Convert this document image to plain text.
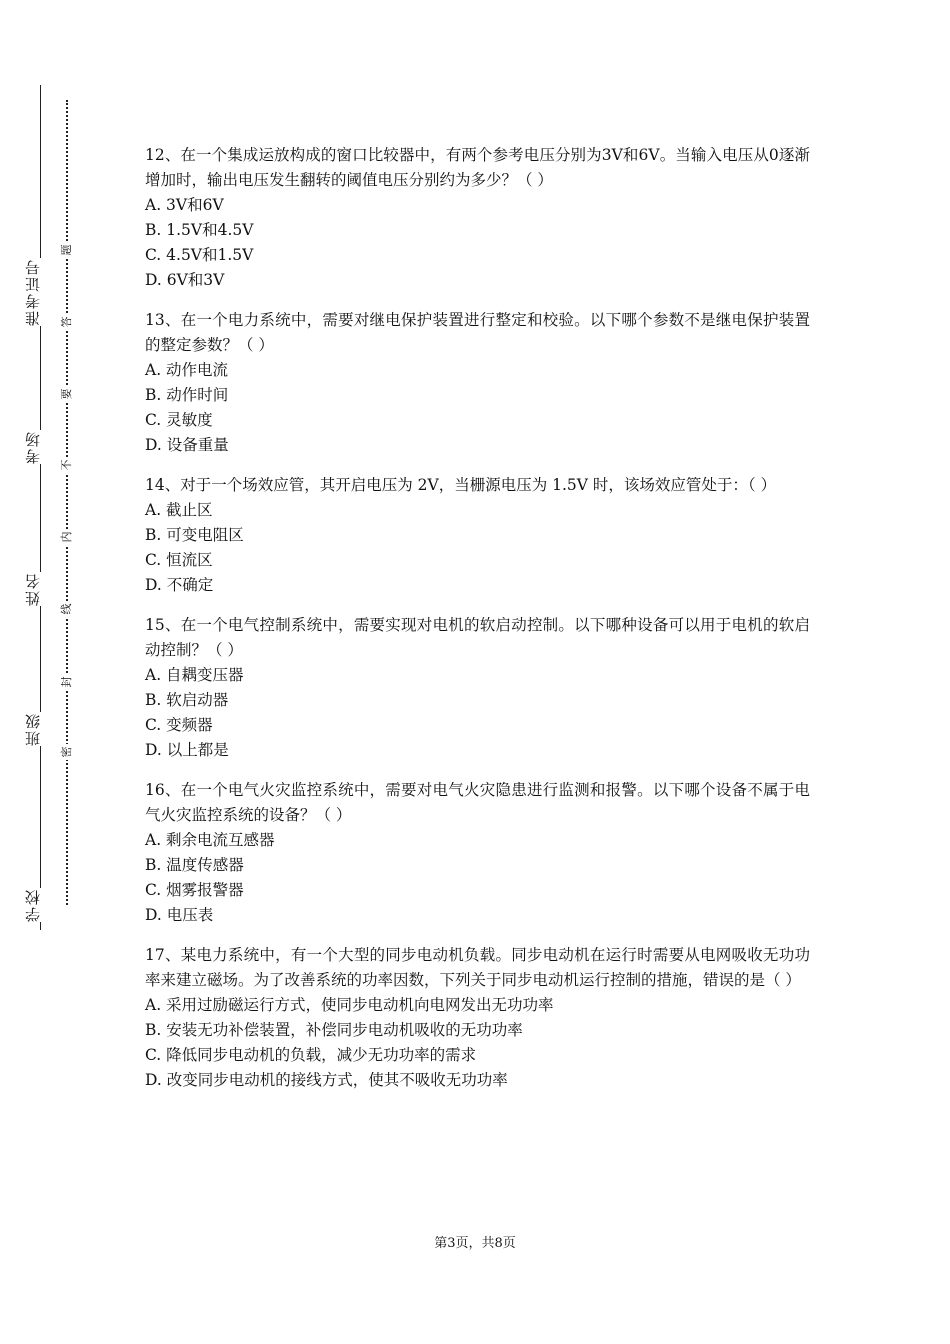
学校
班级
姓名
考场
准考证号
密
封
线
内
不
要
答
题
12、在一个集成运放构成的窗口比较器中，有两个参考电压分别为3V和6V。当输入电压从0逐渐增加时，输出电压发生翻转的阈值电压分别约为多少？（ ）
A. 3V和6V
B. 1.5V和4.5V
C. 4.5V和1.5V
D. 6V和3V
13、在一个电力系统中，需要对继电保护装置进行整定和校验。以下哪个参数不是继电保护装置的整定参数？（ ）
A. 动作电流
B. 动作时间
C. 灵敏度
D. 设备重量
14、对于一个场效应管，其开启电压为 2V，当栅源电压为 1.5V 时，该场效应管处于：（ ）
A. 截止区
B. 可变电阻区
C. 恒流区
D. 不确定
15、在一个电气控制系统中，需要实现对电机的软启动控制。以下哪种设备可以用于电机的软启动控制？（ ）
A. 自耦变压器
B. 软启动器
C. 变频器
D. 以上都是
16、在一个电气火灾监控系统中，需要对电气火灾隐患进行监测和报警。以下哪个设备不属于电气火灾监控系统的设备？（ ）
A. 剩余电流互感器
B. 温度传感器
C. 烟雾报警器
D. 电压表
17、某电力系统中，有一个大型的同步电动机负载。同步电动机在运行时需要从电网吸收无功功率来建立磁场。为了改善系统的功率因数，下列关于同步电动机运行控制的措施，错误的是（ ）
A. 采用过励磁运行方式，使同步电动机向电网发出无功功率
B. 安装无功补偿装置，补偿同步电动机吸收的无功功率
C. 降低同步电动机的负载，减少无功功率的需求
D. 改变同步电动机的接线方式，使其不吸收无功功率
第3页，共8页
